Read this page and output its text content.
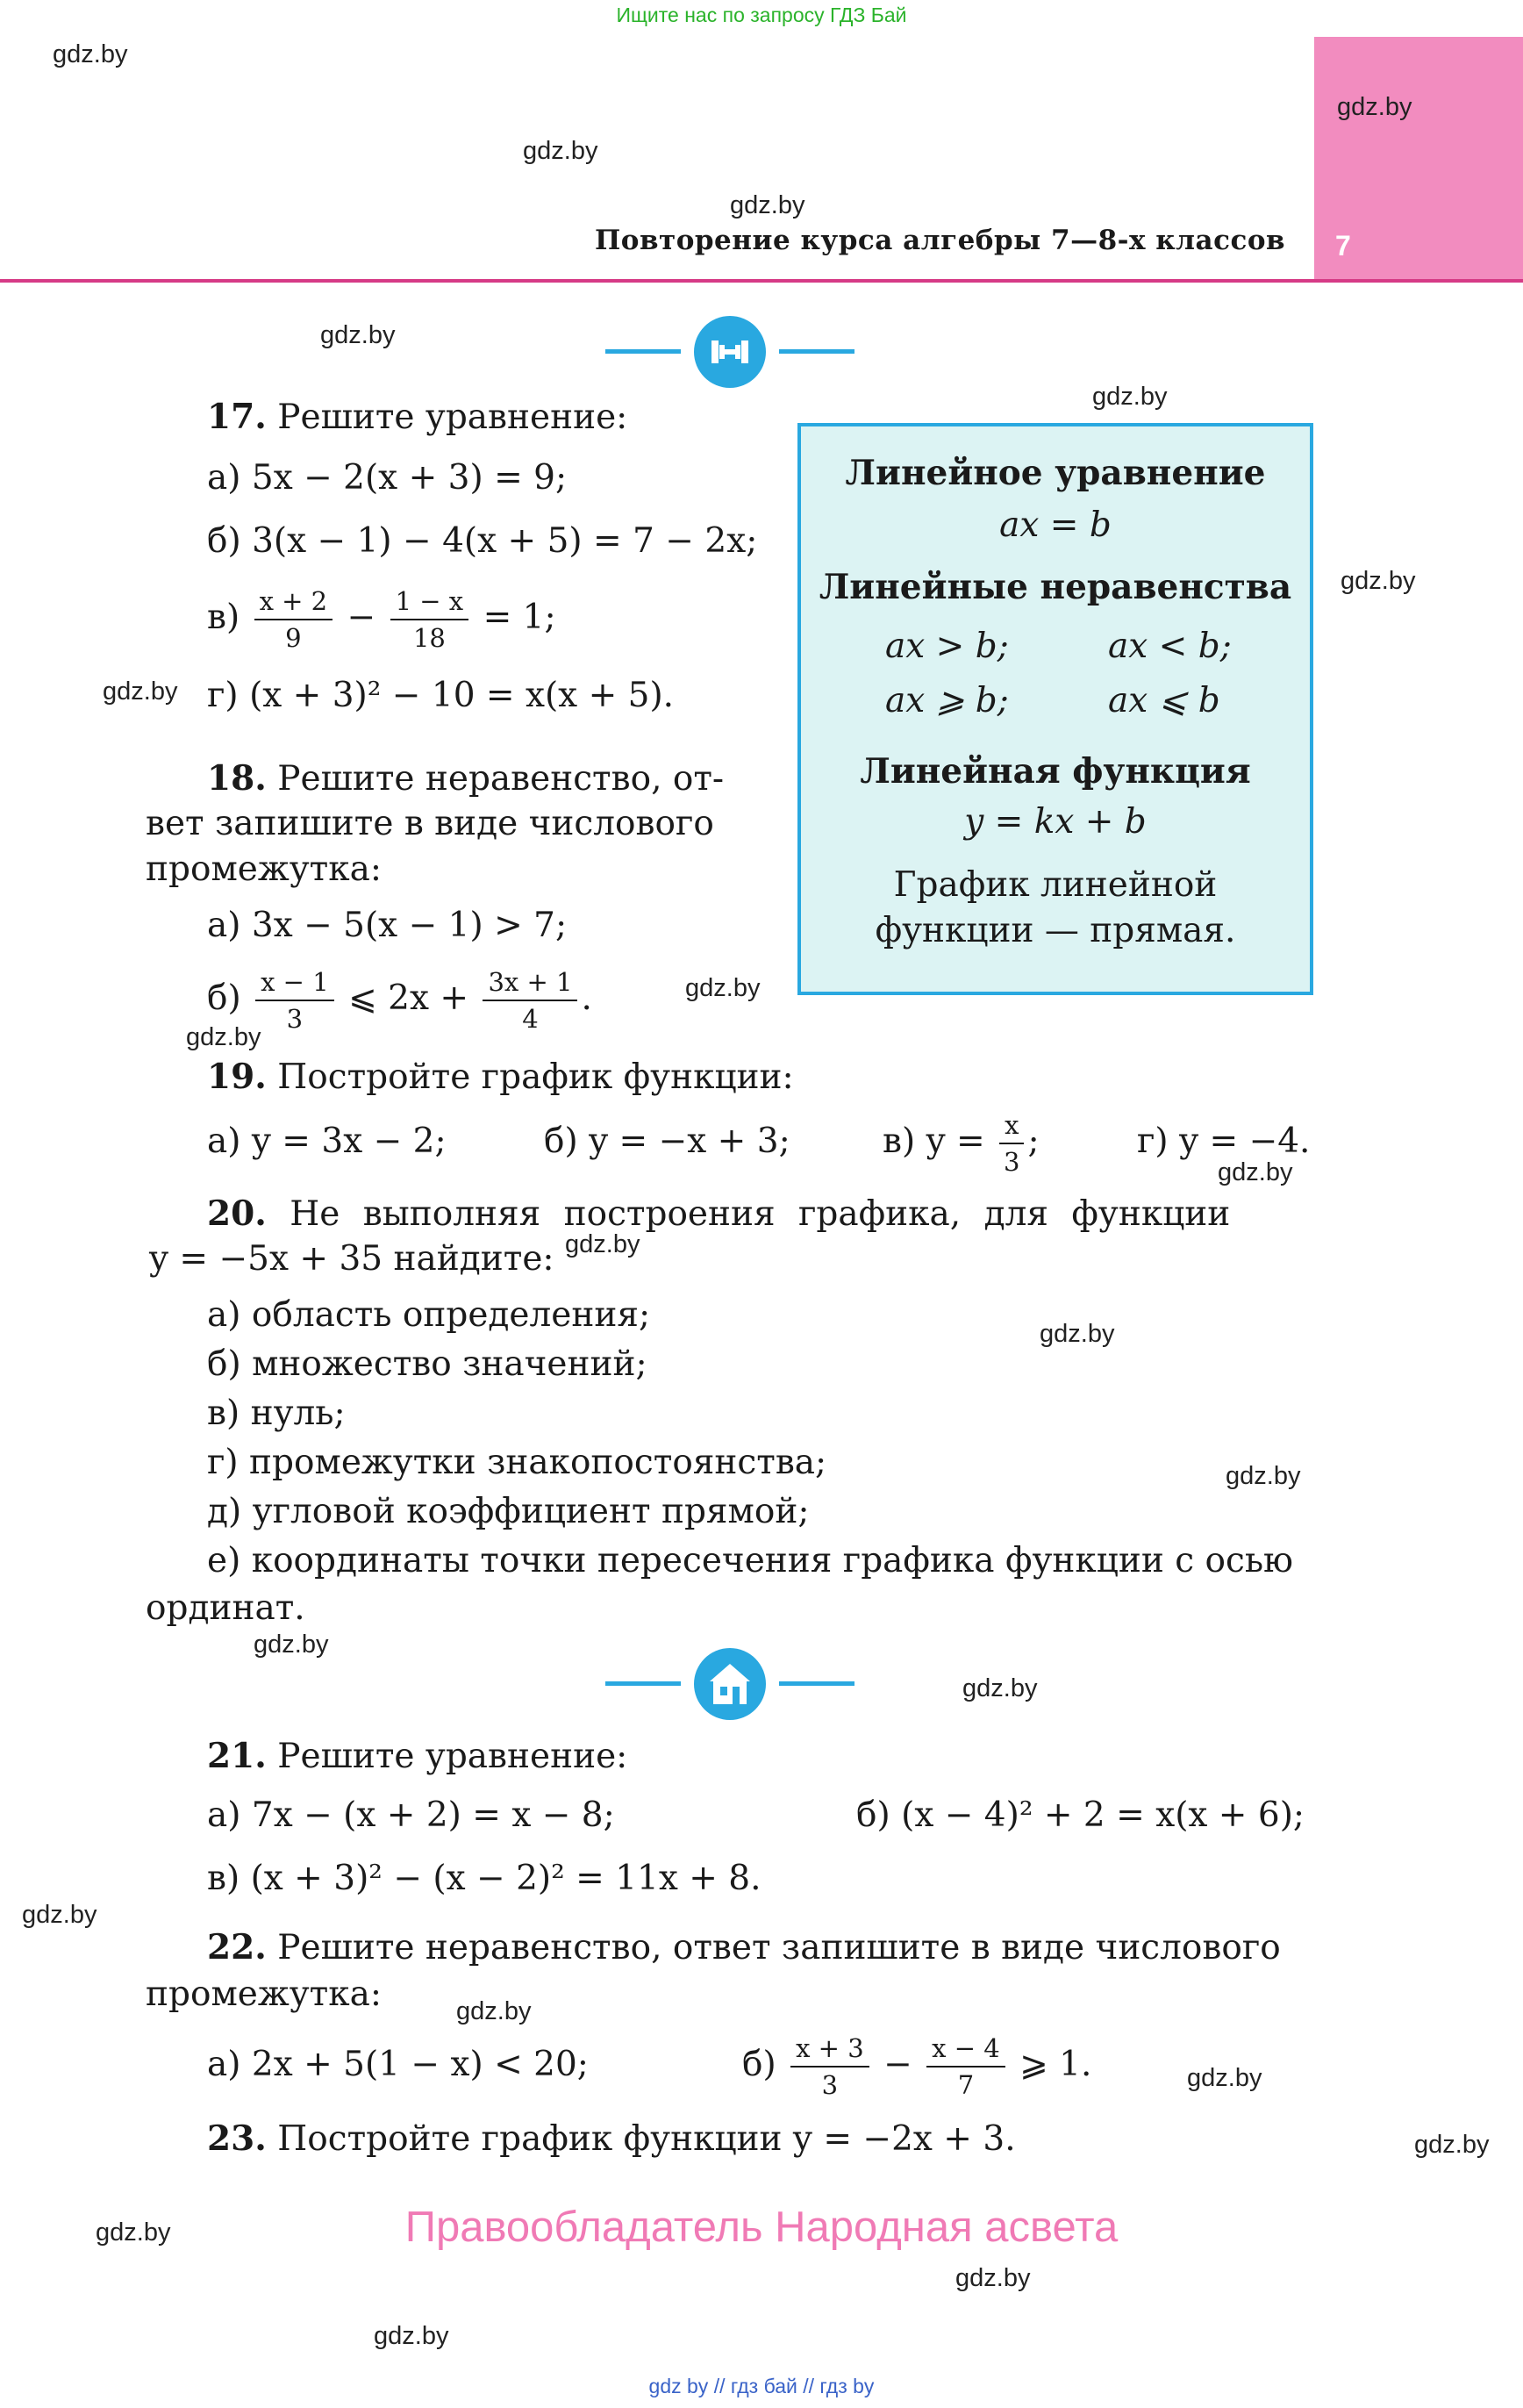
Ищите нас по запросу ГДЗ Бай
Повторение курса алгебры 7—8-х классов 7
gdz.by
gdz.by
gdz.by
gdz.by
gdz.by
gdz.by
gdz.by
gdz.by
gdz.by
gdz.by
gdz.by
gdz.by
gdz.by
gdz.by
gdz.by
gdz.by
gdz.by
gdz.by
gdz.by
gdz.by
gdz.by
gdz.by
gdz.by
17. Решите уравнение:
а) 5x − 2(x + 3) = 9;
б) 3(x − 1) − 4(x + 5) = 7 − 2x;
$в) \frac{x + 2}{9} - \frac{1 - x}{18} = 1$;
г) (x + 3)² − 10 = x(x + 5).
18. Решите неравенство, от-
вет запишите в виде числового
промежутка:
а) 3x − 5(x − 1) > 7;
$б) \frac{x - 1}{3}$ ⩽ $2x + \frac{3x + 1}{4}$ .
19. Постройте график функции:
а) y = 3x − 2;	б) y = −x + 3;	в) $y = \frac{x}{3}$ ;	г) y = −4.
20. Не выполняя построения графика, для функции
y = −5x + 35 найдите:
а) область определения;
б) множество значений;
в) нуль;
г) промежутки знакопостоянства;
д) угловой коэффициент прямой;
е) координаты точки пересечения графика функции с осью
ординат.
Линейное уравнение
ax = b
Линейные неравенства
ax > b;	ax < b;
ax ⩾ b;	ax ⩽ b
Линейная функция
y = kx + b
График линейной
функции — прямая.
21. Решите уравнение:
а) 7x − (x + 2) = x − 8;	б) (x − 4)² + 2 = x(x + 6);
в) (x + 3)² − (x − 2)² = 11x + 8.
22. Решите неравенство, ответ запишите в виде числового
промежутка:
а) 2x + 5(1 − x) < 20;	$б) \frac{x + 3}{3} - \frac{x - 4}{7}$ ⩾ 1.
23. Постройте график функции y = −2x + 3.
Правообладатель Народная асвета
gdz by // гдз бай // гдз by
